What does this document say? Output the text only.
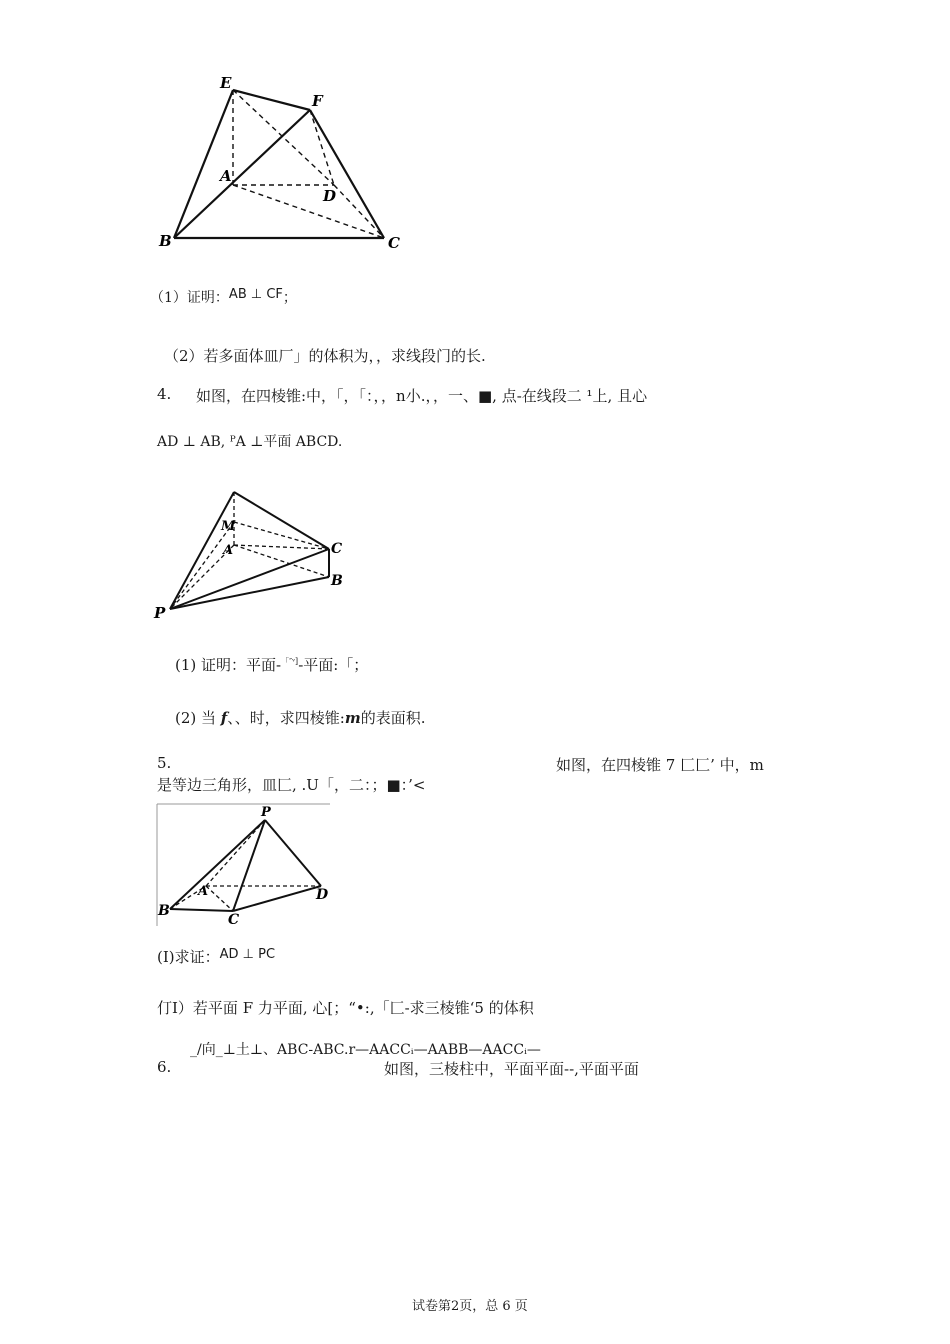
E
F
A
D
B	C
（1）证明：AB ⊥ CF；
（2）若多面体皿厂」的体积为，，求线段门的长.
4. 如图，在四棱锥:中，「，「：，，n小.，，一、■, 点-在线段二 ¹上, 且心
AD ⊥ AB, ᴾA ⊥平面 ABCD.
M
A	C
B
P
(1) 证明：平面-$^{「''ᵛ]}$-平面:「；
(2) 当 f、、时，求四棱锥:m的表面积.
5.	如图，在四棱锥 7 匚匚’ 中，m
是等边三角形，皿匚, .U「，二：；■：’<
P
A	D
B
C
(Ⅰ)求证：AD ⊥ PC
仃Ⅰ）若平面 F 力平面, 心[；“•:,「匚-求三棱锥‘5 的体积
_/向_⊥土⊥、ABC-ABC.r—AACCᵢ—AABB—AACCᵢ—
6.	如图，三棱柱中，平面平面--,平面平面
试卷第2页，总 6 页
